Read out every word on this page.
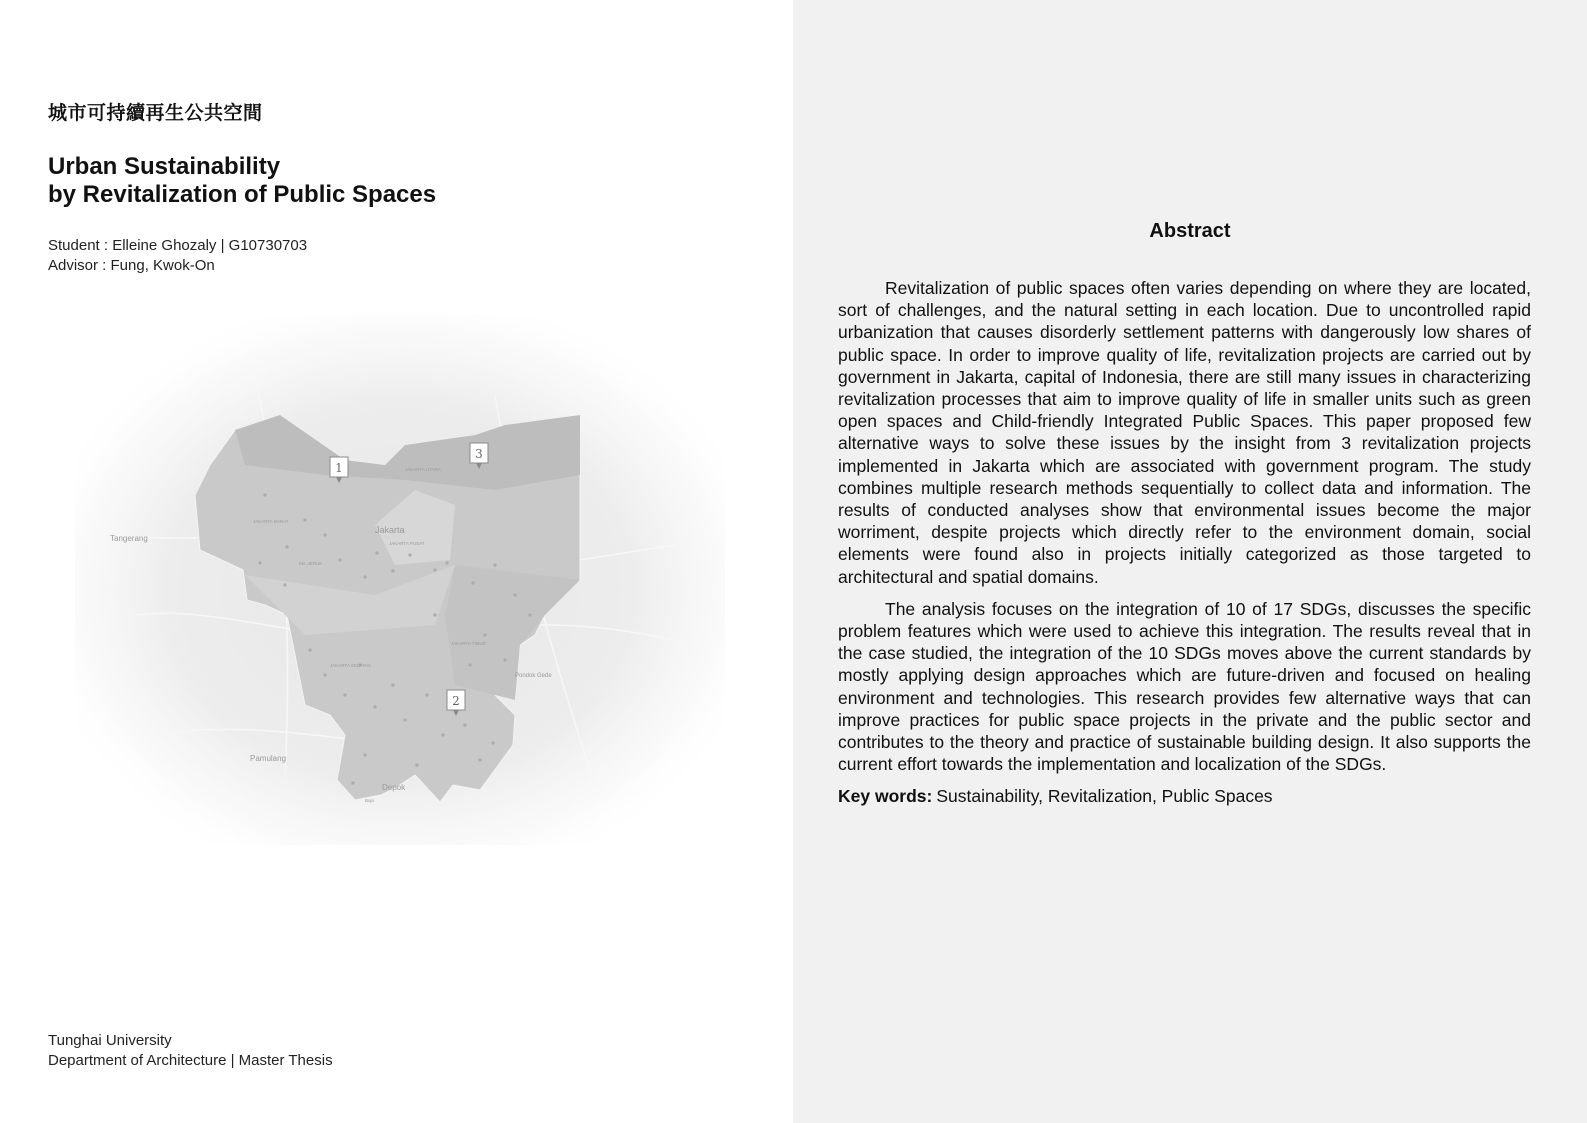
城市可持續再生公共空間
Urban Sustainability
by Revitalization of Public Spaces
Student : Elleine Ghozaly | G10730703
Advisor : Fung, Kwok-On
Jakarta
Tangerang
Pamulang
Depok
Pondok Gede
JAKARTA BARAT
JAKARTA PUSAT
JAKARTA UTARA
JAKARTA TIMUR
JAKARTA SELATAN
KB. JERUK
Bojo
1
3
2
Tunghai University
Department of Architecture | Master Thesis
Abstract

Revitalization of public spaces often varies depending on where they are located, sort of challenges, and the natural setting in each location. Due to uncontrolled rapid urbanization that causes disorderly settlement patterns with dangerously low shares of public space. In order to improve quality of life, revitalization projects are carried out by government in Jakarta, capital of Indonesia, there are still many issues in characterizing revitalization processes that aim to improve quality of life in smaller units such as green open spaces and Child-friendly Integrated Public Spaces. This paper proposed few alternative ways to solve these issues by the insight from 3 revitalization projects implemented in Jakarta which are associated with government program. The study combines multiple research methods sequentially to collect data and information. The results of conducted analyses show that environmental issues become the major worriment, despite projects which directly refer to the environment domain, social elements were found also in projects initially categorized as those targeted to architectural and spatial domains.

The analysis focuses on the integration of 10 of 17 SDGs, discusses the specific problem features which were used to achieve this integration. The results reveal that in the case studied, the integration of the 10 SDGs moves above the current standards by mostly applying design approaches which are future-driven and focused on healing environment and technologies. This research provides few alternative ways that can improve practices for public space projects in the private and the public sector and contributes to the theory and practice of sustainable building design. It also supports the current effort towards the implementation and localization of the SDGs.

Key words: Sustainability, Revitalization, Public Spaces
